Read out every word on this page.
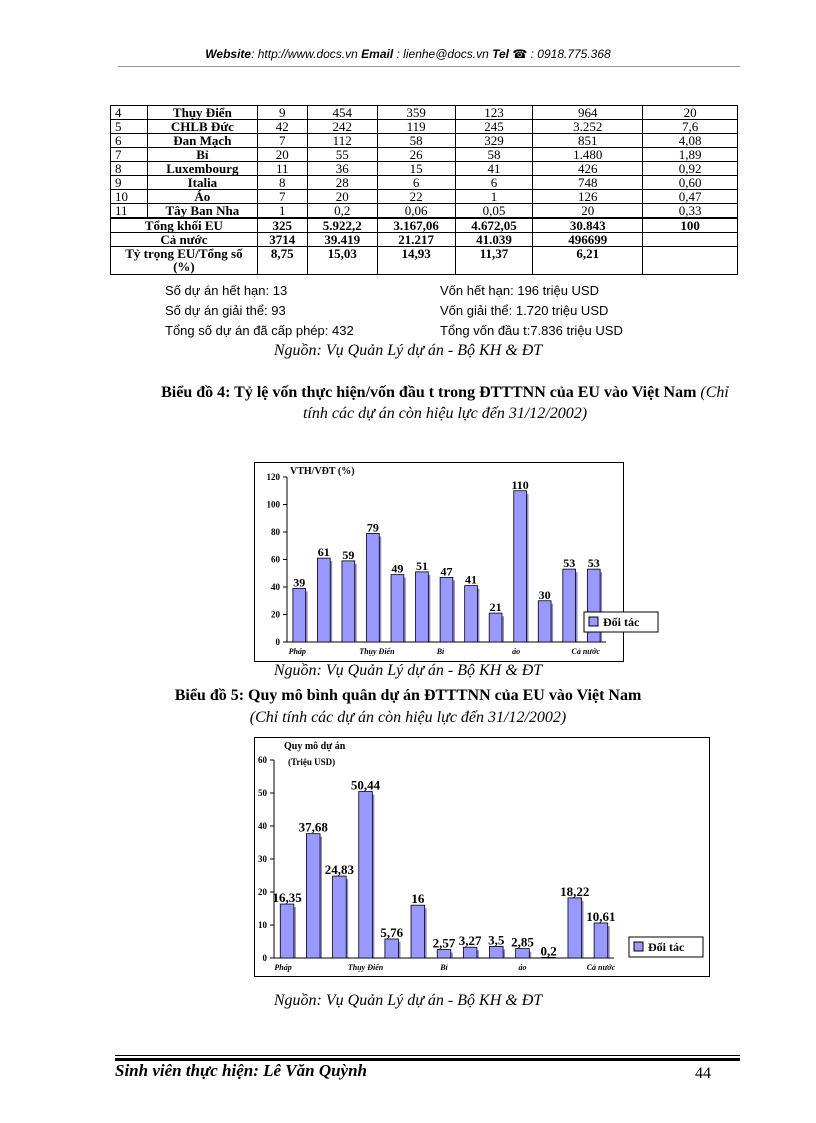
Website: http://www.docs.vn Email : lienhe@docs.vn Tel ☎ : 0918.775.368
4	Thụy Điển	9	454	359	123	964	20
5	CHLB Đức	42	242	119	245	3.252	7,6
6	Đan Mạch	7	112	58	329	851	4,08
7	Bỉ	20	55	26	58	1.480	1,89
8	Luxembourg	11	36	15	41	426	0,92
9	Italia	8	28	6	6	748	0,60
10	Áo	7	20	22	1	126	0,47
11	Tây Ban Nha	1	0,2	0,06	0,05	20	0,33
Tổng khối EU		325	5.922,2	3.167,06	4.672,05	30.843	100
Cả nước		3714	39.419	21.217	41.039	496699	
Tỷ trọng EU/Tổng số (%)		8,75	15,03	14,93	11,37	6,21	
Số dự án hết hạn: 13
Số dự án giải thể: 93
Tổng số dự án đã cấp phép: 432
Vốn hết hạn: 196 triệu USD
Vốn giải thể: 1.720 triệu USD
Tổng vốn đầu t:7.836 triệu USD
Nguồn: Vụ Quản Lý dự án - Bộ KH & ĐT
Biểu đồ 4: Tỷ lệ vốn thực hiện/vốn đầu t trong ĐTTTNN của EU vào Việt Nam (Chỉ tính các dự án còn hiệu lực đến 31/12/2002)
VTH/VĐT (%)
0
20
40
60
80
100
120
39
61 59
79
49 51 47
41
21
110
30
53 53
Pháp	Thụy Điển	Bỉ	áo	Cả nước
Đối tác
Nguồn: Vụ Quản Lý dự án - Bộ KH & ĐT
Biểu đồ 5: Quy mô bình quân dự án ĐTTTNN của EU vào Việt Nam
(Chỉ tính các dự án còn hiệu lực đến 31/12/2002)
Quy mô dự án
(Triệu USD)
0
10
20
30
40
50
60
16,35
37,68
24,83
50,44
5,76
16
2,57 3,27 3,5 2,85
0,2
18,22
10,61
Pháp	Thụy Điển	Bỉ	áo	Cả nước
Đối tác
Nguồn: Vụ Quản Lý dự án - Bộ KH & ĐT
Sinh viên thực hiện: Lê Văn Quỳnh	44
